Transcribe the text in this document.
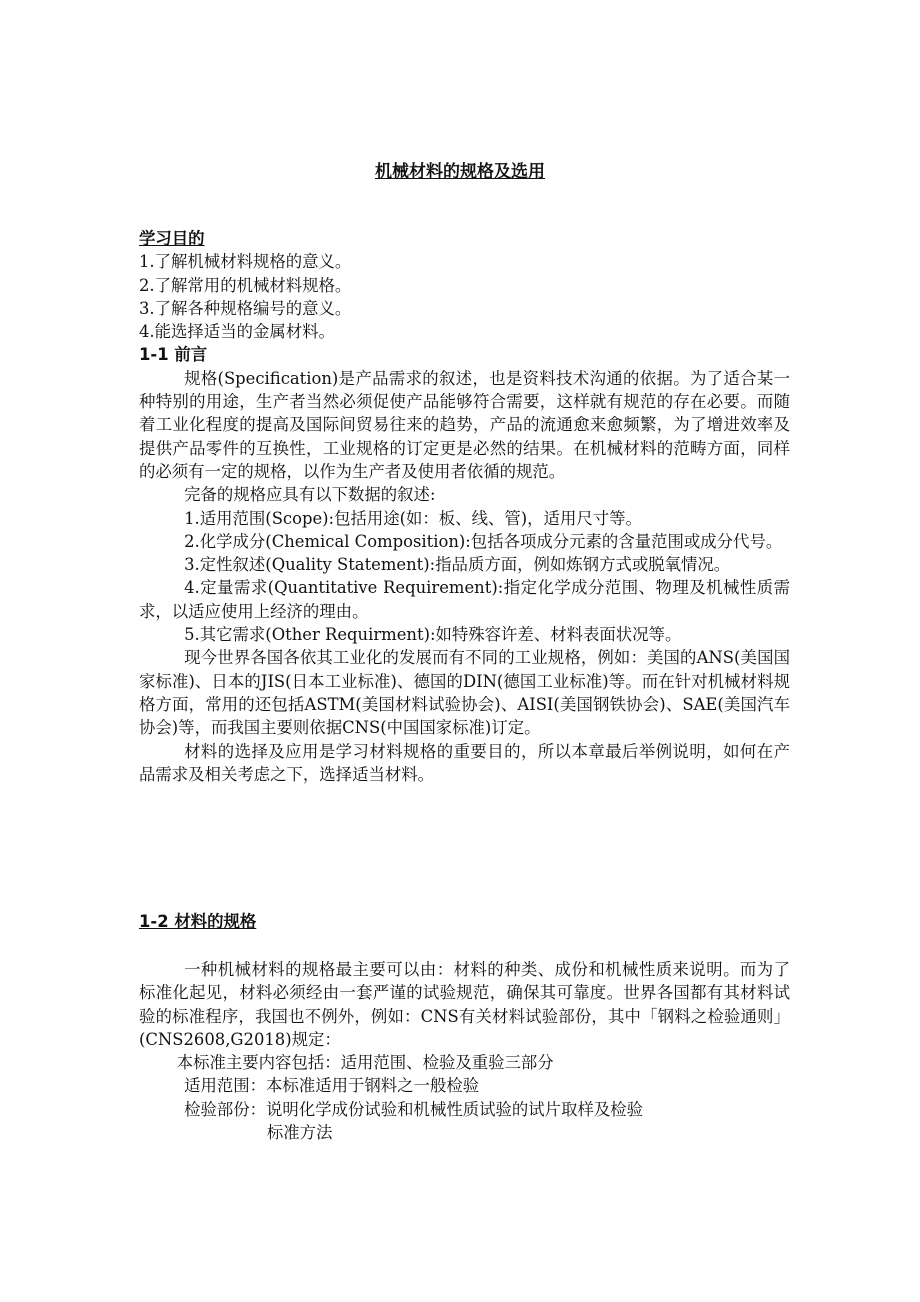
机械材料的规格及选用
学习目的
1.了解机械材料规格的意义。
2.了解常用的机械材料规格。
3.了解各种规格编号的意义。
4.能选择适当的金属材料。
1-1 前言
规格(Specification)是产品需求的叙述，也是资料技术沟通的依据。为了适合某一种特别的用途，生产者当然必须促使产品能够符合需要，这样就有规范的存在必要。而随着工业化程度的提高及国际间贸易往来的趋势，产品的流通愈来愈频繁，为了增进效率及提供产品零件的互换性，工业规格的订定更是必然的结果。在机械材料的范畴方面，同样的必须有一定的规格，以作为生产者及使用者依循的规范。
完备的规格应具有以下数据的叙述:
1.适用范围(Scope):包括用途(如：板、线、管)，适用尺寸等。
2.化学成分(Chemical Composition):包括各项成分元素的含量范围或成分代号。
3.定性叙述(Quality Statement):指品质方面，例如炼钢方式或脱氧情况。
4.定量需求(Quantitative Requirement):指定化学成分范围、物理及机械性质需求，以适应使用上经济的理由。
5.其它需求(Other Requirment):如特殊容许差、材料表面状况等。
现今世界各国各依其工业化的发展而有不同的工业规格，例如：美国的ANS(美国国家标准)、日本的JIS(日本工业标准)、德国的DIN(德国工业标准)等。而在针对机械材料规格方面，常用的还包括ASTM(美国材料试验协会)、AISI(美国钢铁协会)、SAE(美国汽车协会)等，而我国主要则依据CNS(中国国家标准)订定。
材料的选择及应用是学习材料规格的重要目的，所以本章最后举例说明，如何在产品需求及相关考虑之下，选择适当材料。
1-2 材料的规格
一种机械材料的规格最主要可以由：材料的种类、成份和机械性质来说明。而为了标准化起见，材料必须经由一套严谨的试验规范，确保其可靠度。世界各国都有其材料试验的标准程序，我国也不例外，例如：CNS有关材料试验部份，其中「钢料之检验通则」(CNS2608,G2018)规定：
本标准主要内容包括：适用范围、检验及重验三部分
适用范围：本标准适用于钢料之一般检验
检验部份：说明化学成份试验和机械性质试验的试片取样及检验
标准方法
